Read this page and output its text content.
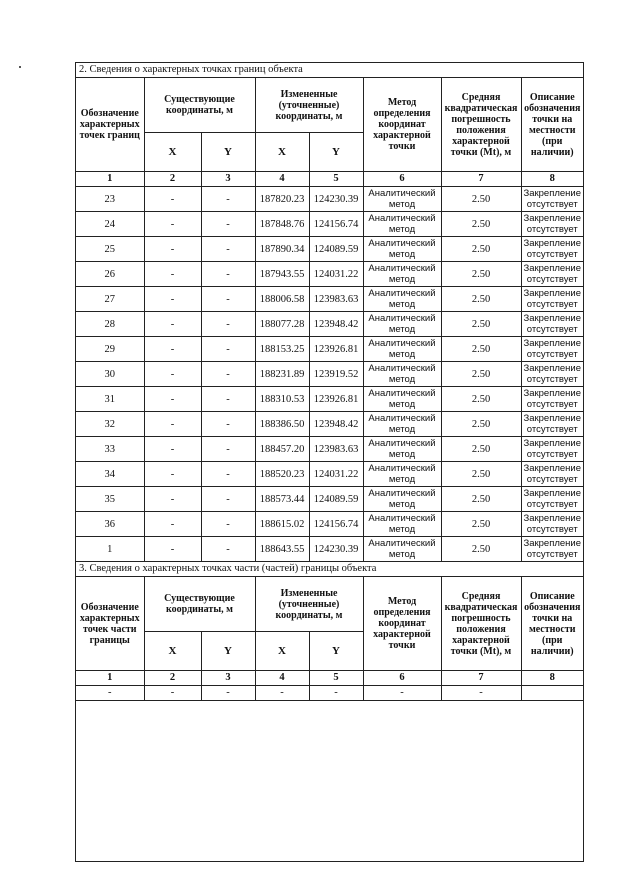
2. Сведения о характерных точках границ объекта
Обозначение характерных точек границ	Существующие координаты, м		Измененные (уточненные) координаты, м		Метод определения координат характерной точки	Средняя квадратическая погрешность положения характерной точки (Mt), м	Описание обозначения точки на местности (при наличии)
	X	Y	X	Y			
1	2	3	4	5	6	7	8
23	-	-	187820.23	124230.39	Аналитический метод	2.50	Закрепление отсутствует
24	-	-	187848.76	124156.74	Аналитический метод	2.50	Закрепление отсутствует
25	-	-	187890.34	124089.59	Аналитический метод	2.50	Закрепление отсутствует
26	-	-	187943.55	124031.22	Аналитический метод	2.50	Закрепление отсутствует
27	-	-	188006.58	123983.63	Аналитический метод	2.50	Закрепление отсутствует
28	-	-	188077.28	123948.42	Аналитический метод	2.50	Закрепление отсутствует
29	-	-	188153.25	123926.81	Аналитический метод	2.50	Закрепление отсутствует
30	-	-	188231.89	123919.52	Аналитический метод	2.50	Закрепление отсутствует
31	-	-	188310.53	123926.81	Аналитический метод	2.50	Закрепление отсутствует
32	-	-	188386.50	123948.42	Аналитический метод	2.50	Закрепление отсутствует
33	-	-	188457.20	123983.63	Аналитический метод	2.50	Закрепление отсутствует
34	-	-	188520.23	124031.22	Аналитический метод	2.50	Закрепление отсутствует
35	-	-	188573.44	124089.59	Аналитический метод	2.50	Закрепление отсутствует
36	-	-	188615.02	124156.74	Аналитический метод	2.50	Закрепление отсутствует
1	-	-	188643.55	124230.39	Аналитический метод	2.50	Закрепление отсутствует
3. Сведения о характерных точках части (частей) границы объекта
Обозначение характерных точек части границы	Существующие координаты, м		Измененные (уточненные) координаты, м		Метод определения координат характерной точки	Средняя квадратическая погрешность положения характерной точки (Mt), м	Описание обозначения точки на местности (при наличии)
	X	Y	X	Y			
1	2	3	4	5	6	7	8
-	-	-	-	-	-	-	
